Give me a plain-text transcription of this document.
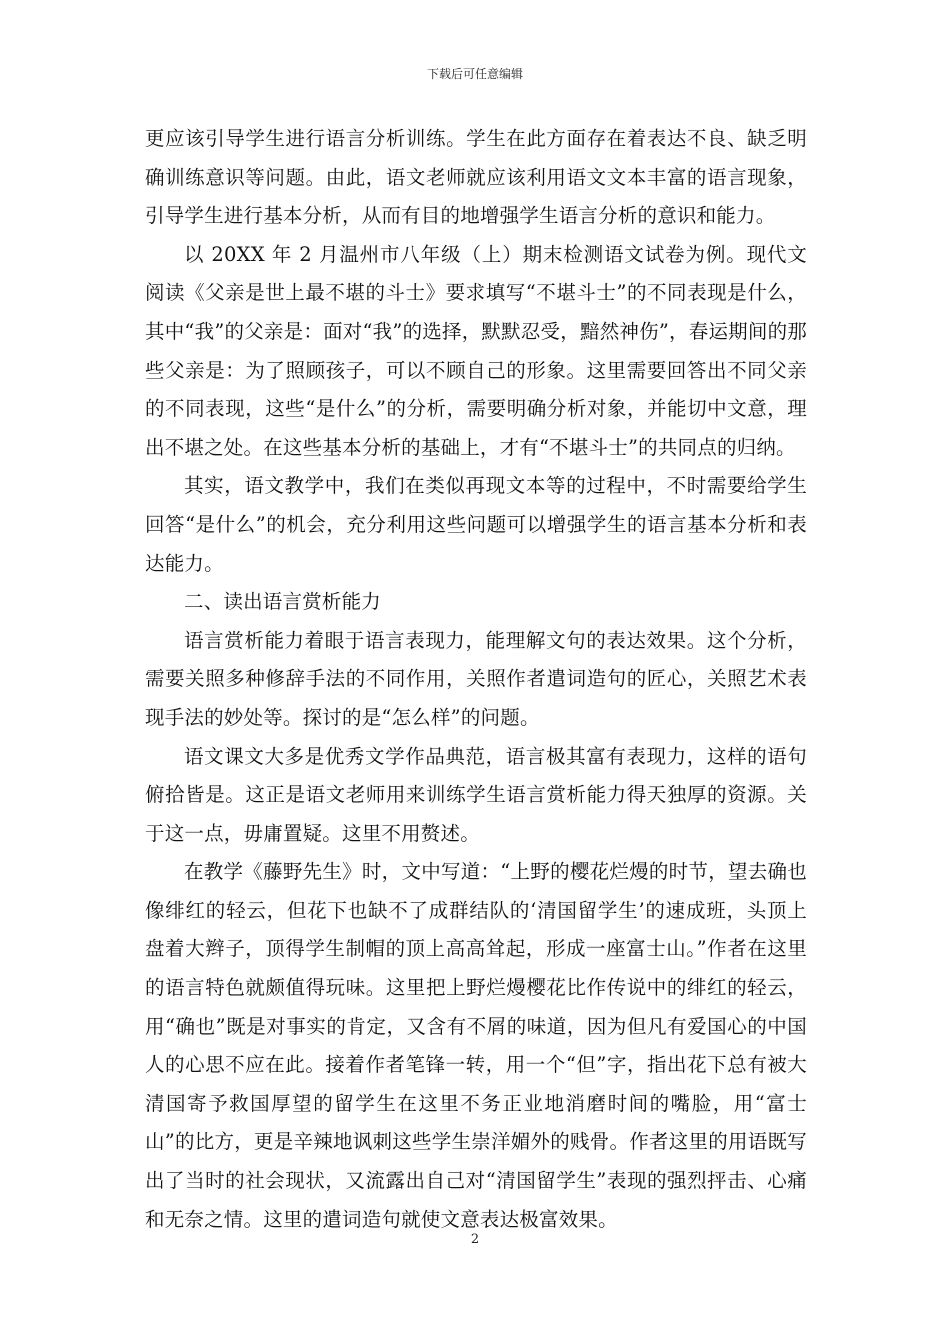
下载后可任意编辑

更应该引导学生进行语言分析训练。学生在此方面存在着表达不良、缺乏明确训练意识等问题。由此，语文老师就应该利用语文文本丰富的语言现象，引导学生进行基本分析，从而有目的地增强学生语言分析的意识和能力。

以 20XX 年 2 月温州市八年级（上）期末检测语文试卷为例。现代文阅读《父亲是世上最不堪的斗士》要求填写“不堪斗士”的不同表现是什么，其中“我”的父亲是：面对“我”的选择，默默忍受，黯然神伤”，春运期间的那些父亲是：为了照顾孩子，可以不顾自己的形象。这里需要回答出不同父亲的不同表现，这些“是什么”的分析，需要明确分析对象，并能切中文意，理出不堪之处。在这些基本分析的基础上，才有“不堪斗士”的共同点的归纳。

其实，语文教学中，我们在类似再现文本等的过程中，不时需要给学生回答“是什么”的机会，充分利用这些问题可以增强学生的语言基本分析和表达能力。

二、读出语言赏析能力

语言赏析能力着眼于语言表现力，能理解文句的表达效果。这个分析，需要关照多种修辞手法的不同作用，关照作者遣词造句的匠心，关照艺术表现手法的妙处等。探讨的是“怎么样”的问题。

语文课文大多是优秀文学作品典范，语言极其富有表现力，这样的语句俯拾皆是。这正是语文老师用来训练学生语言赏析能力得天独厚的资源。关于这一点，毋庸置疑。这里不用赘述。

在教学《藤野先生》时，文中写道：“上野的樱花烂熳的时节，望去确也像绯红的轻云，但花下也缺不了成群结队的‘清国留学生’的速成班，头顶上盘着大辫子，顶得学生制帽的顶上高高耸起，形成一座富士山。”作者在这里的语言特色就颇值得玩味。这里把上野烂熳樱花比作传说中的绯红的轻云，用“确也”既是对事实的肯定，又含有不屑的味道，因为但凡有爱国心的中国人的心思不应在此。接着作者笔锋一转，用一个“但”字，指出花下总有被大清国寄予救国厚望的留学生在这里不务正业地消磨时间的嘴脸，用“富士山”的比方，更是辛辣地讽刺这些学生崇洋媚外的贱骨。作者这里的用语既写出了当时的社会现状，又流露出自己对“清国留学生”表现的强烈抨击、心痛和无奈之情。这里的遣词造句就使文意表达极富效果。

2
